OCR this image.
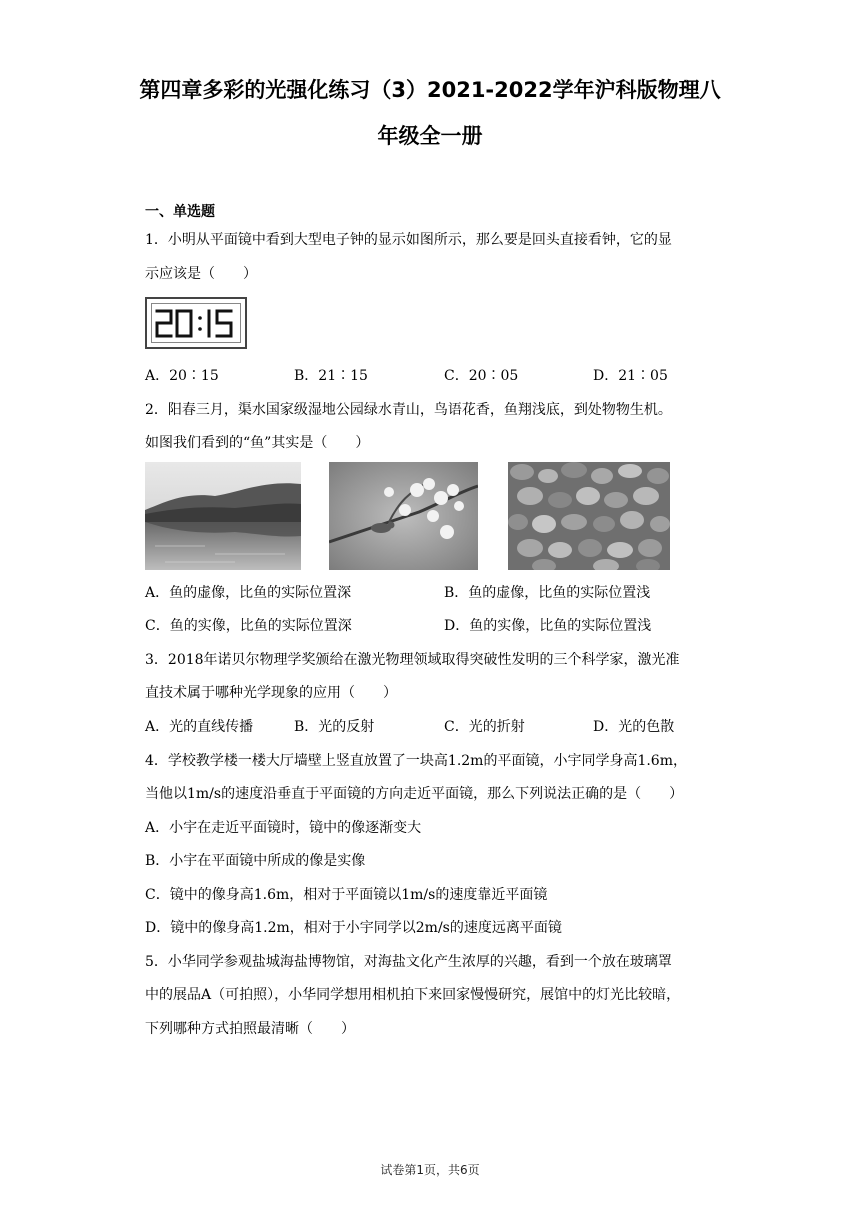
第四章多彩的光强化练习（3）2021-2022学年沪科版物理八
年级全一册
一、单选题
1．小明从平面镜中看到大型电子钟的显示如图所示，那么要是回头直接看钟，它的显
示应该是（　　）
A．20∶15	B．21∶15	C．20∶05	D．21∶05
2．阳春三月，渠水国家级湿地公园绿水青山，鸟语花香，鱼翔浅底，到处物物生机。
如图我们看到的“鱼”其实是（　　）
A．鱼的虚像，比鱼的实际位置深	B．鱼的虚像，比鱼的实际位置浅
C．鱼的实像，比鱼的实际位置深	D．鱼的实像，比鱼的实际位置浅
3．2018年诺贝尔物理学奖颁给在激光物理领域取得突破性发明的三个科学家，激光准
直技术属于哪种光学现象的应用（　　）
A．光的直线传播	B．光的反射	C．光的折射	D．光的色散
4．学校教学楼一楼大厅墙壁上竖直放置了一块高1.2m的平面镜，小宇同学身高1.6m，
当他以1m/s的速度沿垂直于平面镜的方向走近平面镜，那么下列说法正确的是（　　）
A．小宇在走近平面镜时，镜中的像逐渐变大
B．小宇在平面镜中所成的像是实像
C．镜中的像身高1.6m，相对于平面镜以1m/s的速度靠近平面镜
D．镜中的像身高1.2m，相对于小宇同学以2m/s的速度远离平面镜
5．小华同学参观盐城海盐博物馆，对海盐文化产生浓厚的兴趣，看到一个放在玻璃罩
中的展品A（可拍照），小华同学想用相机拍下来回家慢慢研究，展馆中的灯光比较暗，
下列哪种方式拍照最清晰（　　）
试卷第1页，共6页
